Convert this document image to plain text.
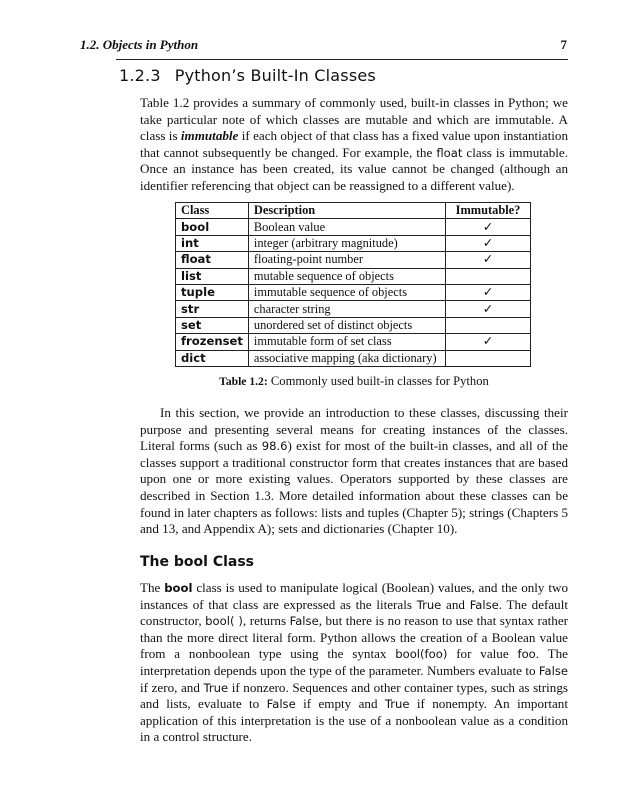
1.2. Objects in Python	7
1.2.3 Python’s Built-In Classes

Table 1.2 provides a summary of commonly used, built-in classes in Python; we take particular note of which classes are mutable and which are immutable. A class is immutable if each object of that class has a fixed value upon instantiation that cannot subsequently be changed. For example, the float class is immutable. Once an instance has been created, its value cannot be changed (although an identifier referencing that object can be reassigned to a different value).

Class	Description	Immutable?
bool	Boolean value	✓
int	integer (arbitrary magnitude)	✓
float	floating-point number	✓
list	mutable sequence of objects	
tuple	immutable sequence of objects	✓
str	character string	✓
set	unordered set of distinct objects	
frozenset	immutable form of set class	✓
dict	associative mapping (aka dictionary)	
Table 1.2: Commonly used built-in classes for Python

In this section, we provide an introduction to these classes, discussing their purpose and presenting several means for creating instances of the classes. Literal forms (such as 98.6) exist for most of the built-in classes, and all of the classes support a traditional constructor form that creates instances that are based upon one or more existing values. Operators supported by these classes are described in Section 1.3. More detailed information about these classes can be found in later chapters as follows: lists and tuples (Chapter 5); strings (Chapters 5 and 13, and Appendix A); sets and dictionaries (Chapter 10).

The bool Class

The bool class is used to manipulate logical (Boolean) values, and the only two instances of that class are expressed as the literals True and False. The default constructor, bool( ), returns False, but there is no reason to use that syntax rather than the more direct literal form. Python allows the creation of a Boolean value from a nonboolean type using the syntax bool(foo) for value foo. The interpretation depends upon the type of the parameter. Numbers evaluate to False if zero, and True if nonzero. Sequences and other container types, such as strings and lists, evaluate to False if empty and True if nonempty. An important application of this interpretation is the use of a nonboolean value as a condition in a control structure.
